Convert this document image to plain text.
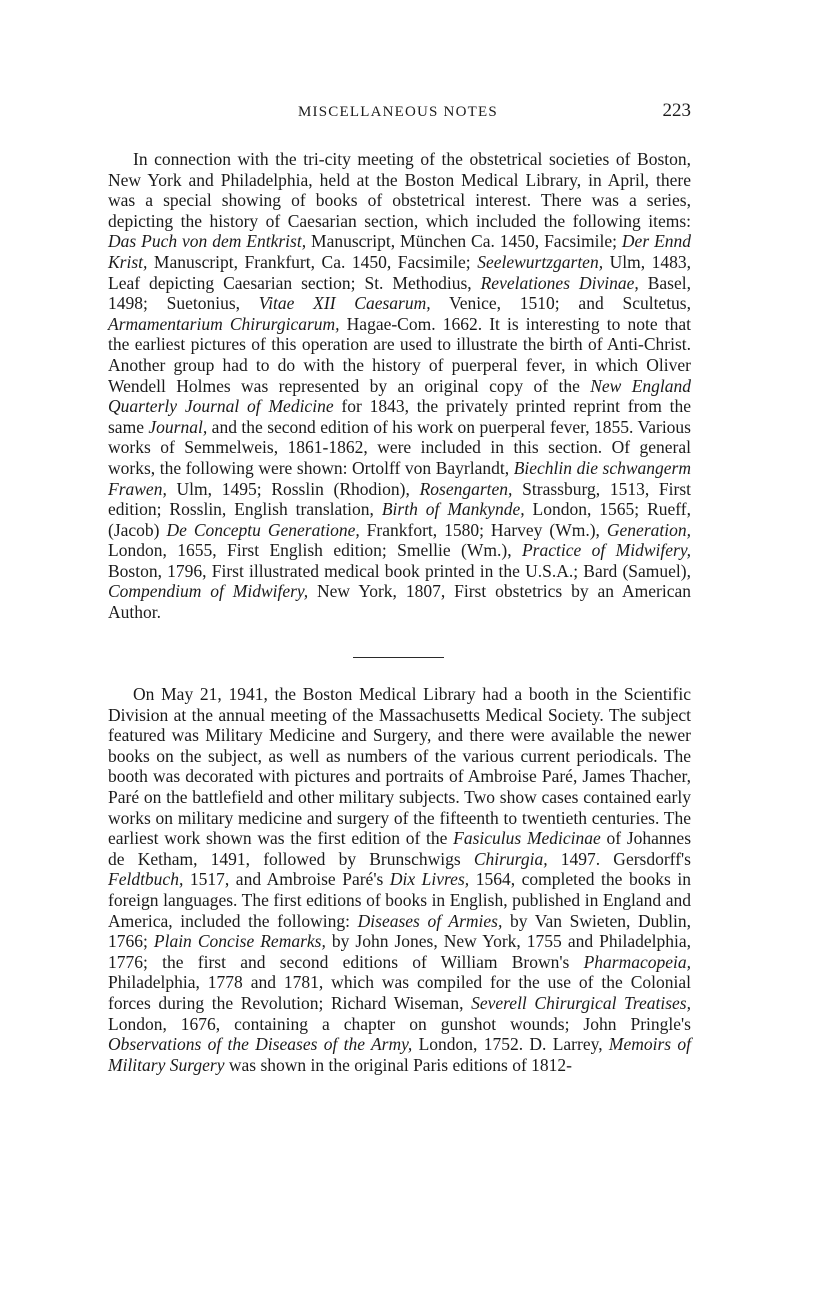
MISCELLANEOUS NOTES	223

In connection with the tri-city meeting of the obstetrical societies of Boston, New York and Philadelphia, held at the Boston Medical Library, in April, there was a special showing of books of obstetrical interest. There was a series, depicting the history of Caesarian section, which included the following items: Das Puch von dem Entkrist, Manuscript, München Ca. 1450, Facsimile; Der Ennd Krist, Manuscript, Frankfurt, Ca. 1450, Facsimile; Seelewurtzgarten, Ulm, 1483, Leaf depicting Caesarian section; St. Methodius, Revelationes Divinae, Basel, 1498; Suetonius, Vitae XII Caesarum, Venice, 1510; and Scultetus, Armamentarium Chirurgicarum, Hagae-Com. 1662. It is interesting to note that the earliest pictures of this operation are used to illustrate the birth of Anti-Christ. Another group had to do with the history of puerperal fever, in which Oliver Wendell Holmes was represented by an original copy of the New England Quarterly Journal of Medicine for 1843, the privately printed reprint from the same Journal, and the second edition of his work on puerperal fever, 1855. Various works of Semmelweis, 1861-1862, were included in this section. Of general works, the following were shown: Ortolff von Bayrlandt, Biechlin die schwangerm Frawen, Ulm, 1495; Rosslin (Rhodion), Rosengarten, Strassburg, 1513, First edition; Rosslin, English translation, Birth of Mankynde, London, 1565; Rueff, (Jacob) De Conceptu Generatione, Frankfort, 1580; Harvey (Wm.), Generation, London, 1655, First English edition; Smellie (Wm.), Practice of Midwifery, Boston, 1796, First illustrated medical book printed in the U.S.A.; Bard (Samuel), Compendium of Midwifery, New York, 1807, First obstetrics by an American Author.

On May 21, 1941, the Boston Medical Library had a booth in the Scientific Division at the annual meeting of the Massachusetts Medical Society. The subject featured was Military Medicine and Surgery, and there were available the newer books on the subject, as well as numbers of the various current periodicals. The booth was decorated with pictures and portraits of Ambroise Paré, James Thacher, Paré on the battlefield and other military subjects. Two show cases contained early works on military medicine and surgery of the fifteenth to twentieth centuries. The earliest work shown was the first edition of the Fasiculus Medicinae of Johannes de Ketham, 1491, followed by Brunschwigs Chirurgia, 1497. Gersdorff's Feldtbuch, 1517, and Ambroise Paré's Dix Livres, 1564, completed the books in foreign languages. The first editions of books in English, published in England and America, included the following: Diseases of Armies, by Van Swieten, Dublin, 1766; Plain Concise Remarks, by John Jones, New York, 1755 and Philadelphia, 1776; the first and second editions of William Brown's Pharmacopeia, Philadelphia, 1778 and 1781, which was compiled for the use of the Colonial forces during the Revolution; Richard Wiseman, Severell Chirurgical Treatises, London, 1676, containing a chapter on gunshot wounds; John Pringle's Observations of the Diseases of the Army, London, 1752. D. Larrey, Memoirs of Military Surgery was shown in the original Paris editions of 1812-
